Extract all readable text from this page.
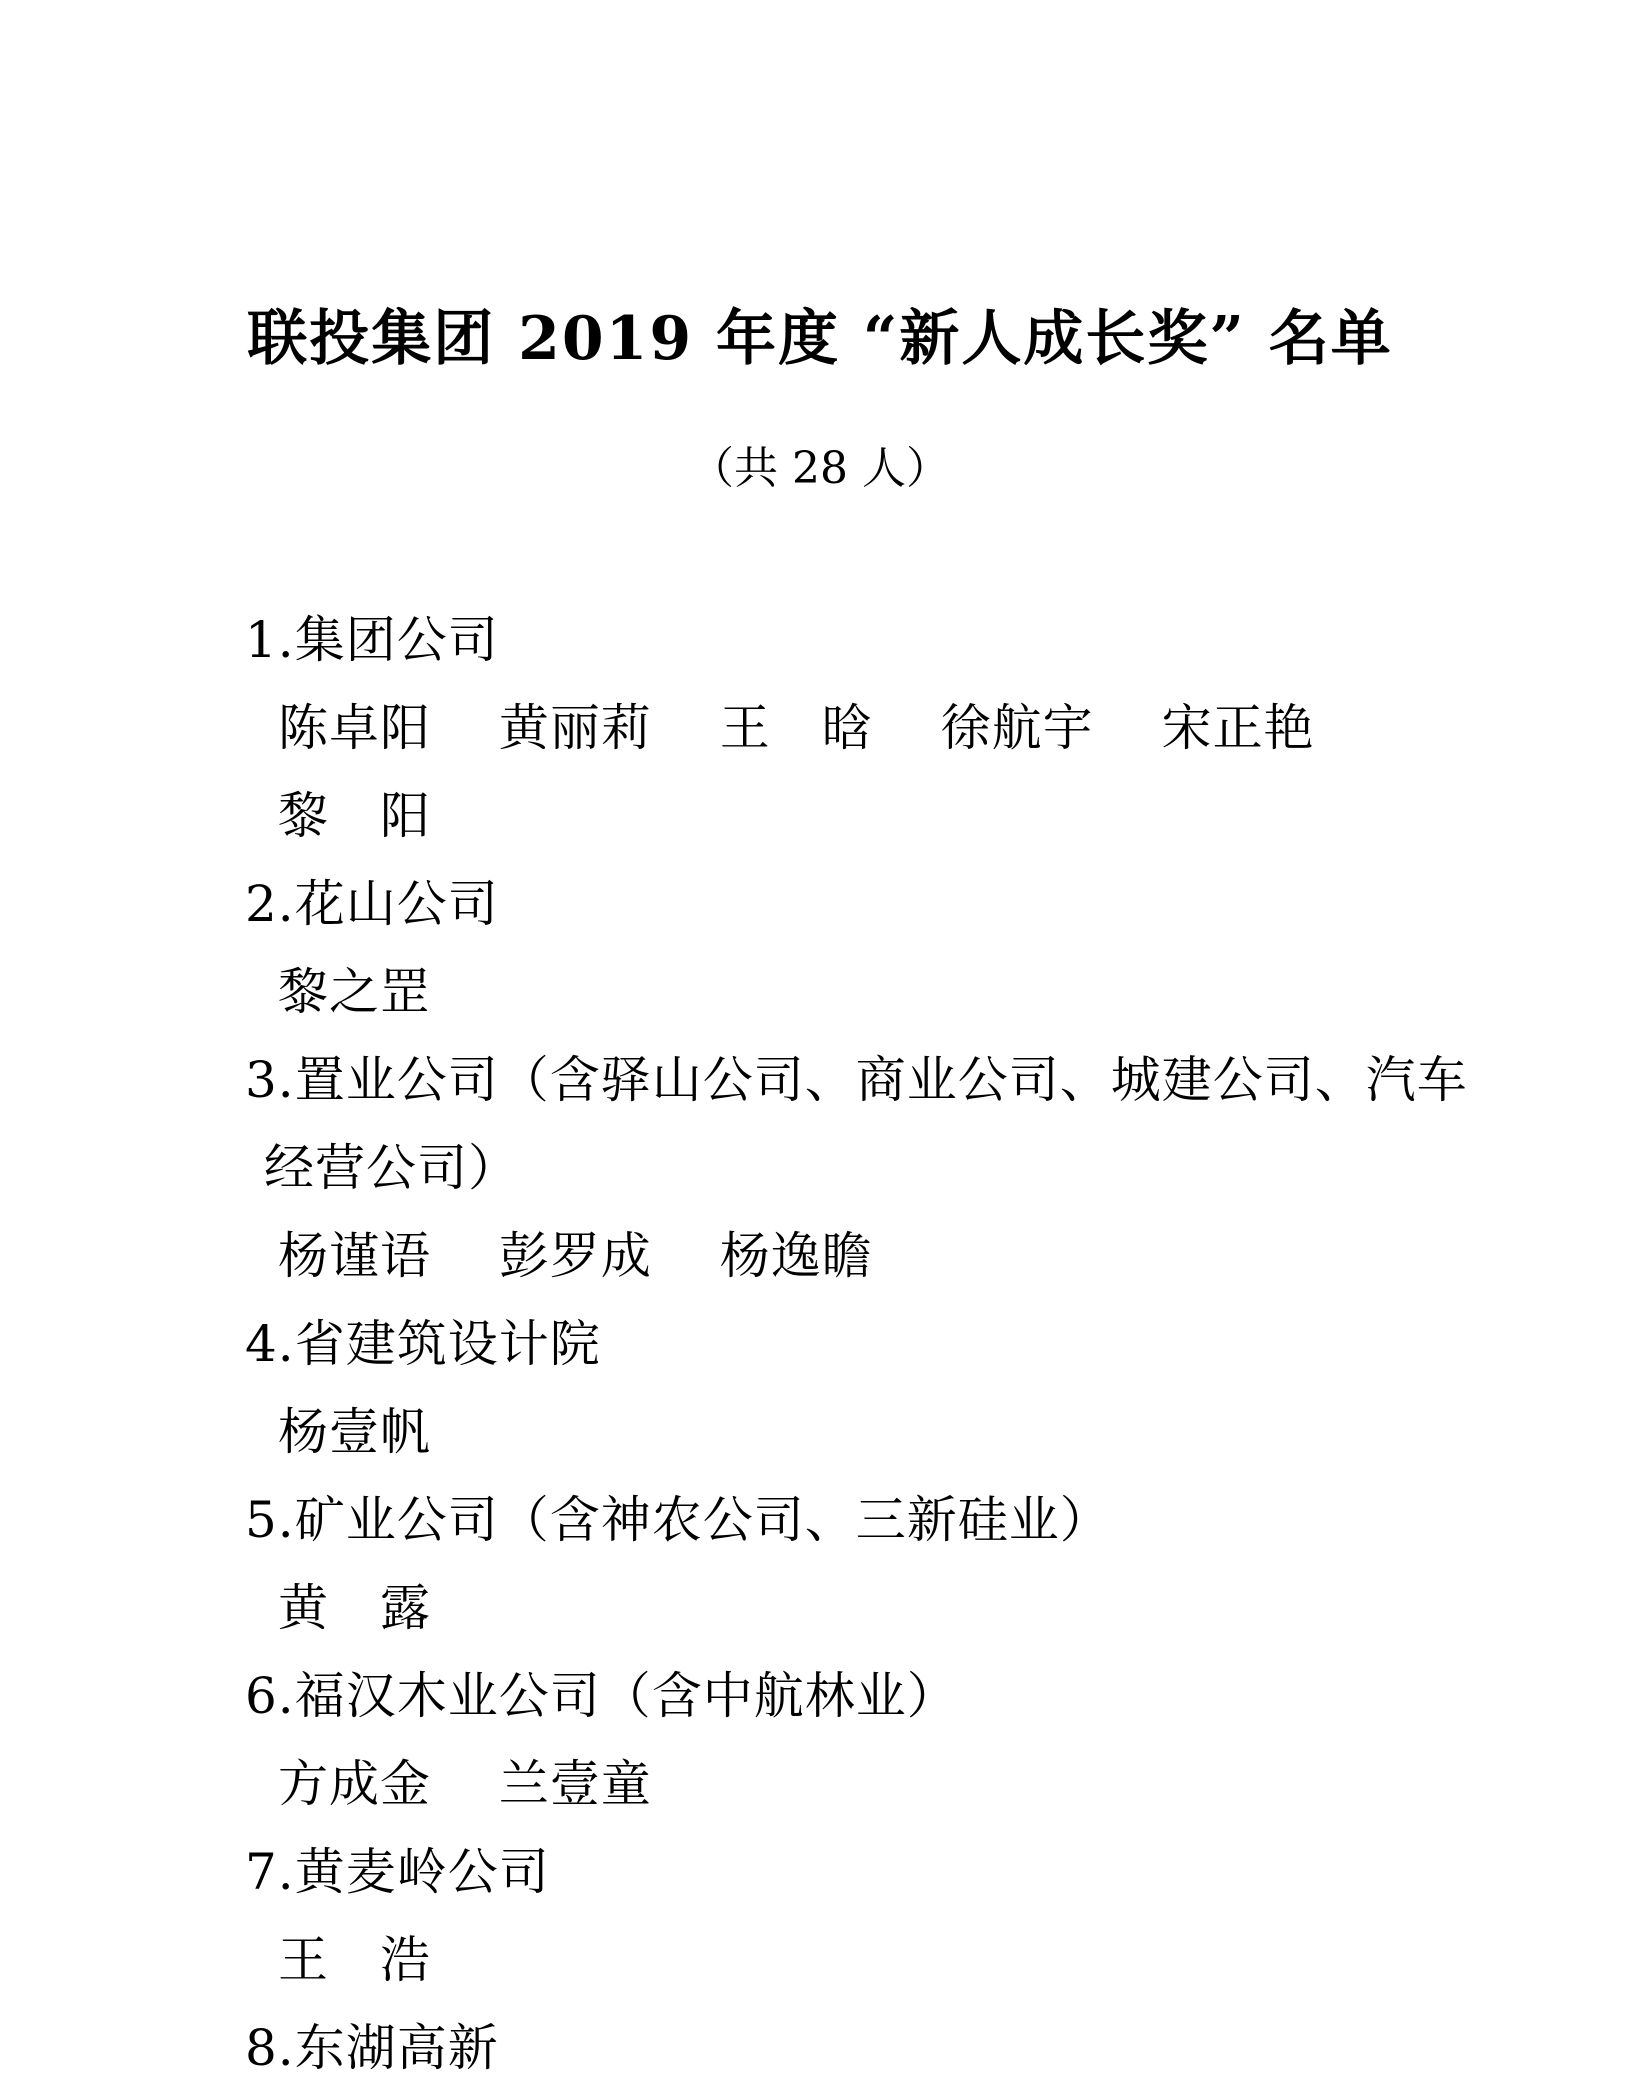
联投集团 2019 年度 “新人成长奖” 名单
（共 28 人）
1.集团公司
陈卓阳　 黄丽莉　 王　晗　 徐航宇　 宋正艳
黎　阳
2.花山公司
黎之罡
3.置业公司（含驿山公司、商业公司、城建公司、汽车
经营公司）
杨谨语　 彭罗成　 杨逸瞻
4.省建筑设计院
杨壹帆
5.矿业公司（含神农公司、三新硅业）
黄　露
6.福汉木业公司（含中航林业）
方成金　 兰壹童
7.黄麦岭公司
王　浩
8.东湖高新
